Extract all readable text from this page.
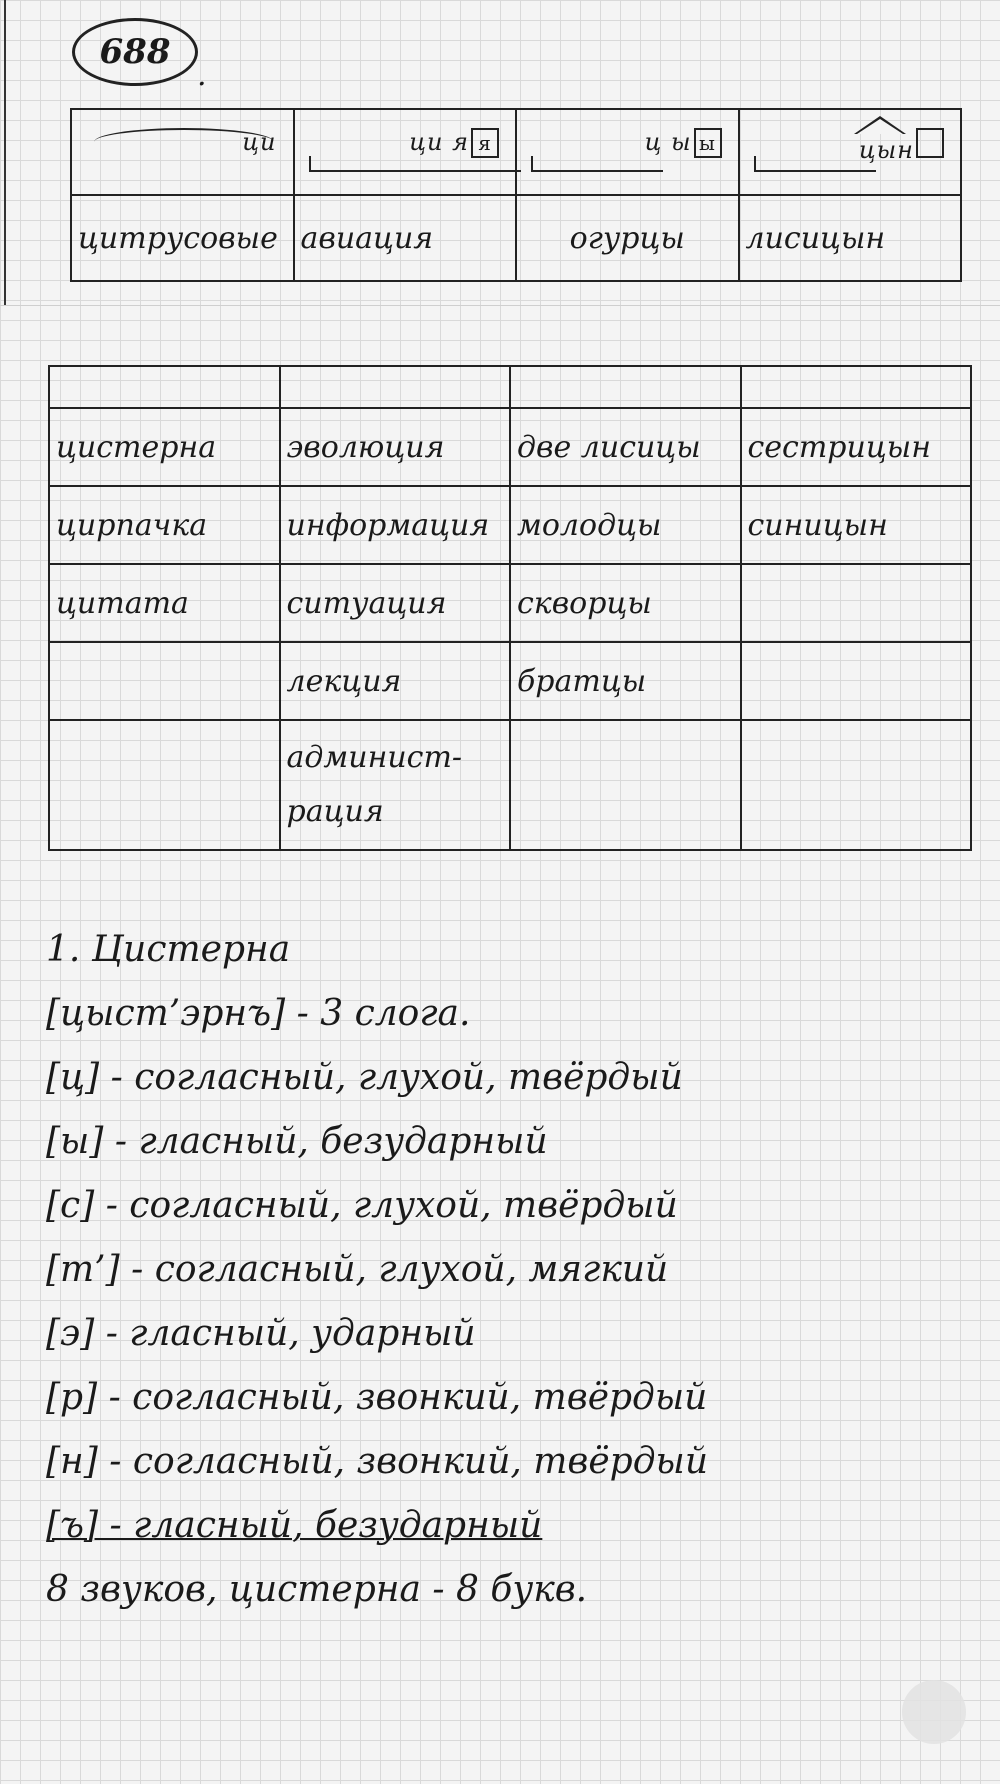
688
.
ци	ци я я	ц ы ы	цын

цитрусовые	авиация	огурцы	лисицын

цистерна	эволюция	две лисицы	сестрицын
цирпачка	информация	молодцы	синицын
цитата	ситуация	скворцы	
	лекция	братцы	
	админист-
рация		
1. Цистерна
[цыст’эрнъ] - 3 слога.
[ц] - согласный, глухой, твёрдый
[ы] - гласный, безударный
[с] - согласный, глухой, твёрдый
[т’] - согласный, глухой, мягкий
[э] - гласный, ударный
[р] - согласный, звонкий, твёрдый
[н] - согласный, звонкий, твёрдый
[ъ] - гласный, безударный
8 звуков, цистерна - 8 букв.
